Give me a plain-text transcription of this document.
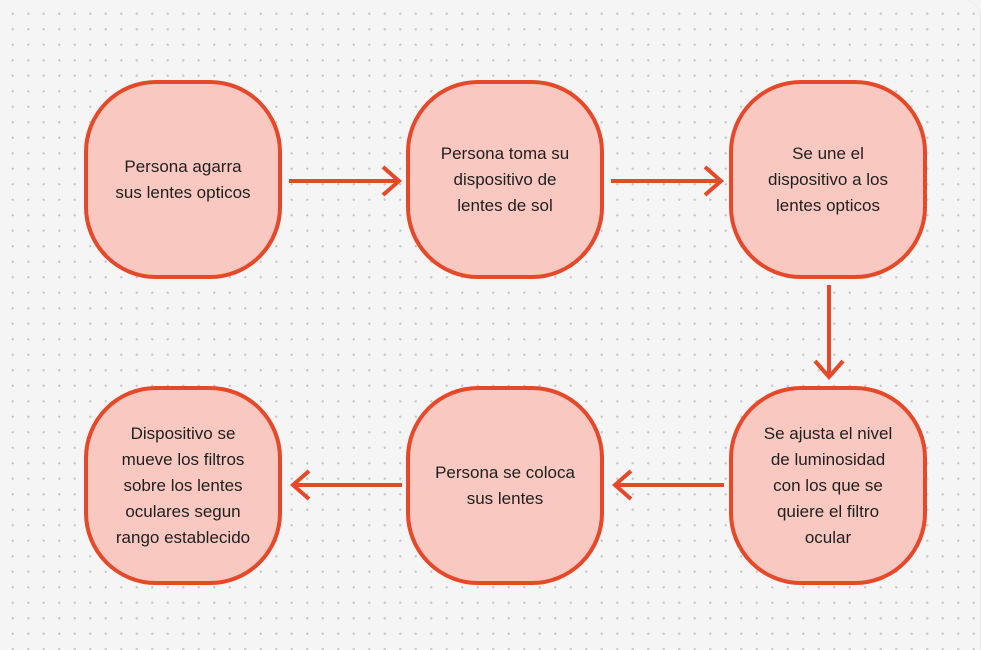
Persona agarra
sus lentes opticos
Persona toma su
dispositivo de
lentes de sol
Se une el
dispositivo a los
lentes opticos
Se ajusta el nivel
de luminosidad
con los que se
quiere el filtro
ocular
Persona se coloca
sus lentes
Dispositivo se
mueve los filtros
sobre los lentes
oculares segun
rango establecido
